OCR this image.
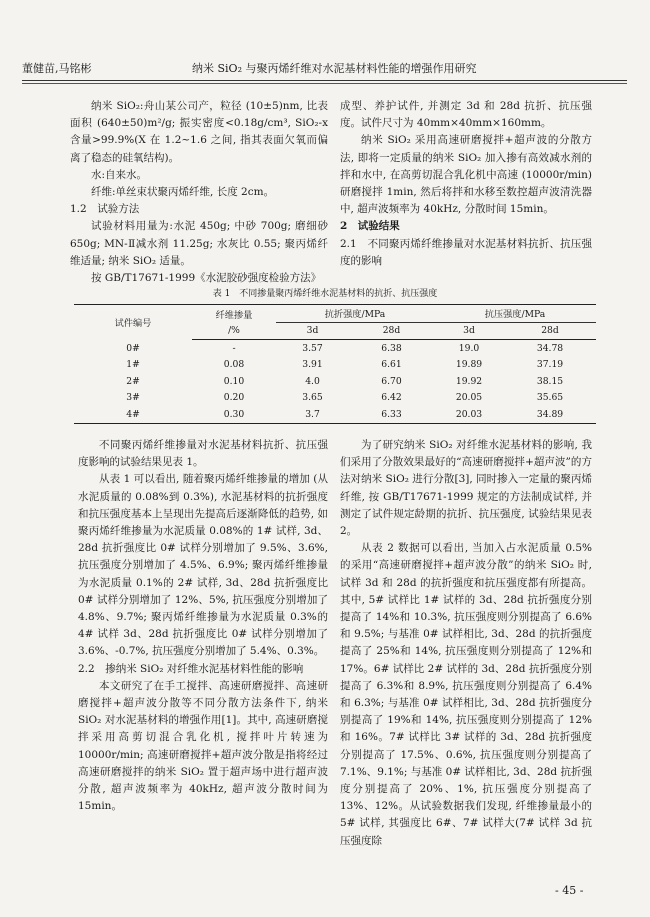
董健苗,马铭彬	纳米 SiO₂ 与聚丙烯纤维对水泥基材料性能的增强作用研究

纳米 SiO₂:舟山某公司产，粒径 (10±5)nm, 比表面积 (640±50)m²/g; 振实密度<0.18g/cm³, SiO₂-x 含量>99.9%(X 在 1.2~1.6 之间, 指其表面欠氧而偏离了稳态的硅氧结构)。

水:自来水。

纤维:单丝束状聚丙烯纤维, 长度 2cm。

1.2　试验方法

试验材料用量为:水泥 450g; 中砂 700g; 磨细砂 650g; MN-Ⅱ减水剂 11.25g; 水灰比 0.55; 聚丙烯纤维适量; 纳米 SiO₂ 适量。

按 GB/T17671-1999《水泥胶砂强度检验方法》

成型、养护试件, 并测定 3d 和 28d 抗折、抗压强度。试件尺寸为 40mm×40mm×160mm。

纳米 SiO₂ 采用高速研磨搅拌+超声波的分散方法, 即将一定质量的纳米 SiO₂ 加入掺有高效减水剂的拌和水中, 在高剪切混合乳化机中高速 (10000r/min) 研磨搅拌 1min, 然后将拌和水移至数控超声波清洗器中, 超声波频率为 40kHz, 分散时间 15min。

2　试验结果

2.1　不同聚丙烯纤维掺量对水泥基材料抗折、抗压强度的影响

表 1　不同掺量聚丙烯纤维水泥基材料的抗折、抗压强度
试件编号	纤维掺量	抗折强度/MPa		抗压强度/MPa	
	/%	3d	28d	3d	28d
0#	-	3.57	6.38	19.0	34.78
1#	0.08	3.91	6.61	19.89	37.19
2#	0.10	4.0	6.70	19.92	38.15
3#	0.20	3.65	6.42	20.05	35.65
4#	0.30	3.7	6.33	20.03	34.89

不同聚丙烯纤维掺量对水泥基材料抗折、抗压强度影响的试验结果见表 1。

从表 1 可以看出, 随着聚丙烯纤维掺量的增加 (从水泥质量的 0.08%到 0.3%), 水泥基材料的抗折强度和抗压强度基本上呈现出先提高后逐渐降低的趋势, 如聚丙烯纤维掺量为水泥质量 0.08%的 1# 试样, 3d、28d 抗折强度比 0# 试样分别增加了 9.5%、3.6%, 抗压强度分别增加了 4.5%、6.9%; 聚丙烯纤维掺量为水泥质量 0.1%的 2# 试样, 3d、28d 抗折强度比 0# 试样分别增加了 12%、5%, 抗压强度分别增加了 4.8%、9.7%; 聚丙烯纤维掺量为水泥质量 0.3%的 4# 试样 3d、28d 抗折强度比 0# 试样分别增加了 3.6%、-0.7%, 抗压强度分别增加了 5.4%、0.3%。

2.2　掺纳米 SiO₂ 对纤维水泥基材料性能的影响

本文研究了在手工搅拌、高速研磨搅拌、高速研磨搅拌+超声波分散等不同分散方法条件下, 纳米 SiO₂ 对水泥基材料的增强作用[1]。其中, 高速研磨搅拌采用高剪切混合乳化机, 搅拌叶片转速为 10000r/min; 高速研磨搅拌+超声波分散是指将经过高速研磨搅拌的纳米 SiO₂ 置于超声场中进行超声波分散, 超声波频率为 40kHz, 超声波分散时间为 15min。

为了研究纳米 SiO₂ 对纤维水泥基材料的影响, 我们采用了分散效果最好的“高速研磨搅拌+超声波”的方法对纳米 SiO₂ 进行分散[3], 同时掺入一定量的聚丙烯纤维, 按 GB/T17671-1999 规定的方法制成试样, 并测定了试件规定龄期的抗折、抗压强度, 试验结果见表 2。

从表 2 数据可以看出, 当加入占水泥质量 0.5% 的采用“高速研磨搅拌+超声波分散”的纳米 SiO₂ 时, 试样 3d 和 28d 的抗折强度和抗压强度都有所提高。其中, 5# 试样比 1# 试样的 3d、28d 抗折强度分别提高了 14%和 10.3%, 抗压强度则分别提高了 6.6%和 9.5%; 与基准 0# 试样相比, 3d、28d 的抗折强度提高了 25%和 14%, 抗压强度则分别提高了 12%和 17%。6# 试样比 2# 试样的 3d、28d 抗折强度分别提高了 6.3%和 8.9%, 抗压强度则分别提高了 6.4%和 6.3%; 与基准 0# 试样相比, 3d、28d 抗折强度分别提高了 19%和 14%, 抗压强度则分别提高了 12%和 16%。7# 试样比 3# 试样的 3d、28d 抗折强度分别提高了 17.5%、0.6%, 抗压强度则分别提高了 7.1%、9.1%; 与基准 0# 试样相比, 3d、28d 抗折强度分别提高了 20%、1%, 抗压强度分别提高了 13%、12%。从试验数据我们发现, 纤维掺量最小的 5# 试样, 其强度比 6#、7# 试样大(7# 试样 3d 抗压强度除

- 45 -
